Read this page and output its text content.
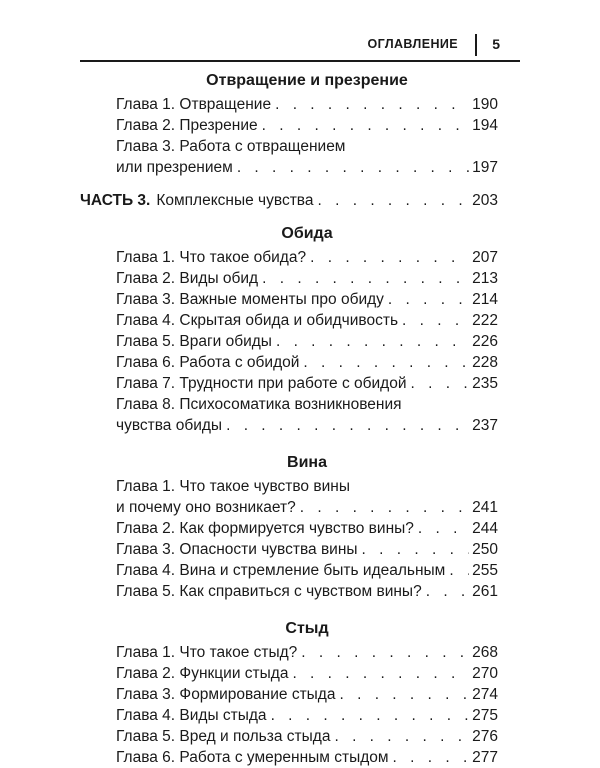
ОГЛАВЛЕНИЕ 5
Отвращение и презрение
Глава 1. Отвращение . . .	190
Глава 2. Презрение . . .	194
Глава 3. Работа с отвращением
или презрением . . .	197
ЧАСТЬ 3. Комплексные чувства . . .	203
Обида
Глава 1. Что такое обида? . . .	207
Глава 2. Виды обид . . .	213
Глава 3. Важные моменты про обиду . . .	214
Глава 4. Скрытая обида и обидчивость . . .	222
Глава 5. Враги обиды . . .	226
Глава 6. Работа с обидой . . .	228
Глава 7. Трудности при работе с обидой . . .	235
Глава 8. Психосоматика возникновения
чувства обиды . . .	237
Вина
Глава 1. Что такое чувство вины
и почему оно возникает? . . .	241
Глава 2. Как формируется чувство вины? . . .	244
Глава 3. Опасности чувства вины . . .	250
Глава 4. Вина и стремление быть идеальным . . . 255
Глава 5. Как справиться с чувством вины? . . .	261
Стыд
Глава 1. Что такое стыд? . . .	268
Глава 2. Функции стыда . . .	270
Глава 3. Формирование стыда . . .	274
Глава 4. Виды стыда . . .	275
Глава 5. Вред и польза стыда . . .	276
Глава 6. Работа с умеренным стыдом . . .	277
